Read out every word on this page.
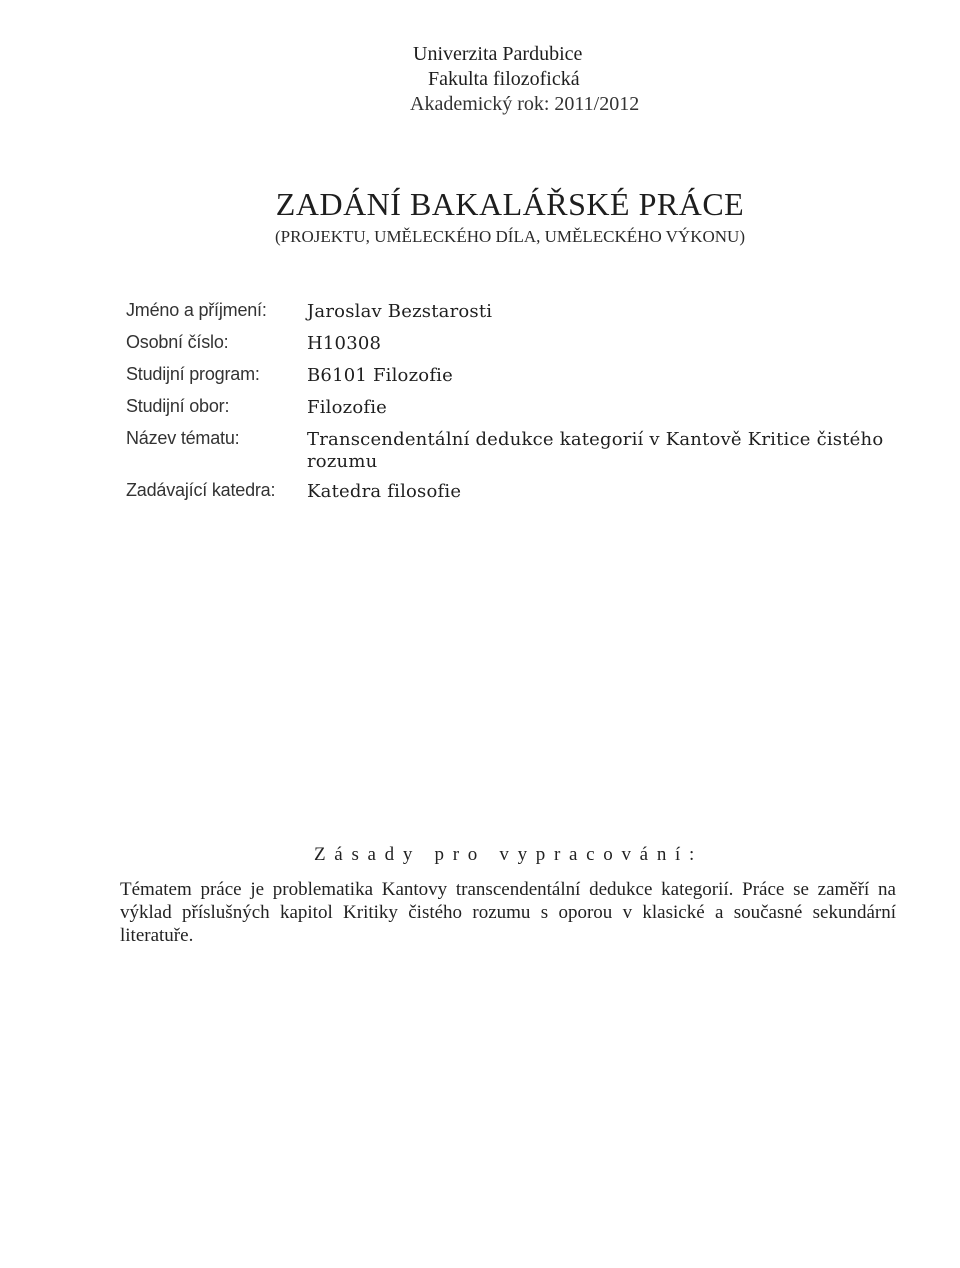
Univerzita Pardubice
Fakulta filozofická
Akademický rok: 2011/2012
ZADÁNÍ BAKALÁŘSKÉ PRÁCE
(PROJEKTU, UMĚLECKÉHO DÍLA, UMĚLECKÉHO VÝKONU)
Jméno a příjmení:	Jaroslav Bezstarosti
Osobní číslo:	H10308
Studijní program:	B6101 Filozofie
Studijní obor:	Filozofie
Název tématu:	Transcendentální dedukce kategorií v Kantově Kritice čistého rozumu
Zadávající katedra:	Katedra filosofie
Zásady pro vypracování:
Tématem práce je problematika Kantovy transcendentální dedukce kategorií. Práce se zaměří na výklad příslušných kapitol Kritiky čistého rozumu s oporou v klasické a současné sekundární literatuře.
